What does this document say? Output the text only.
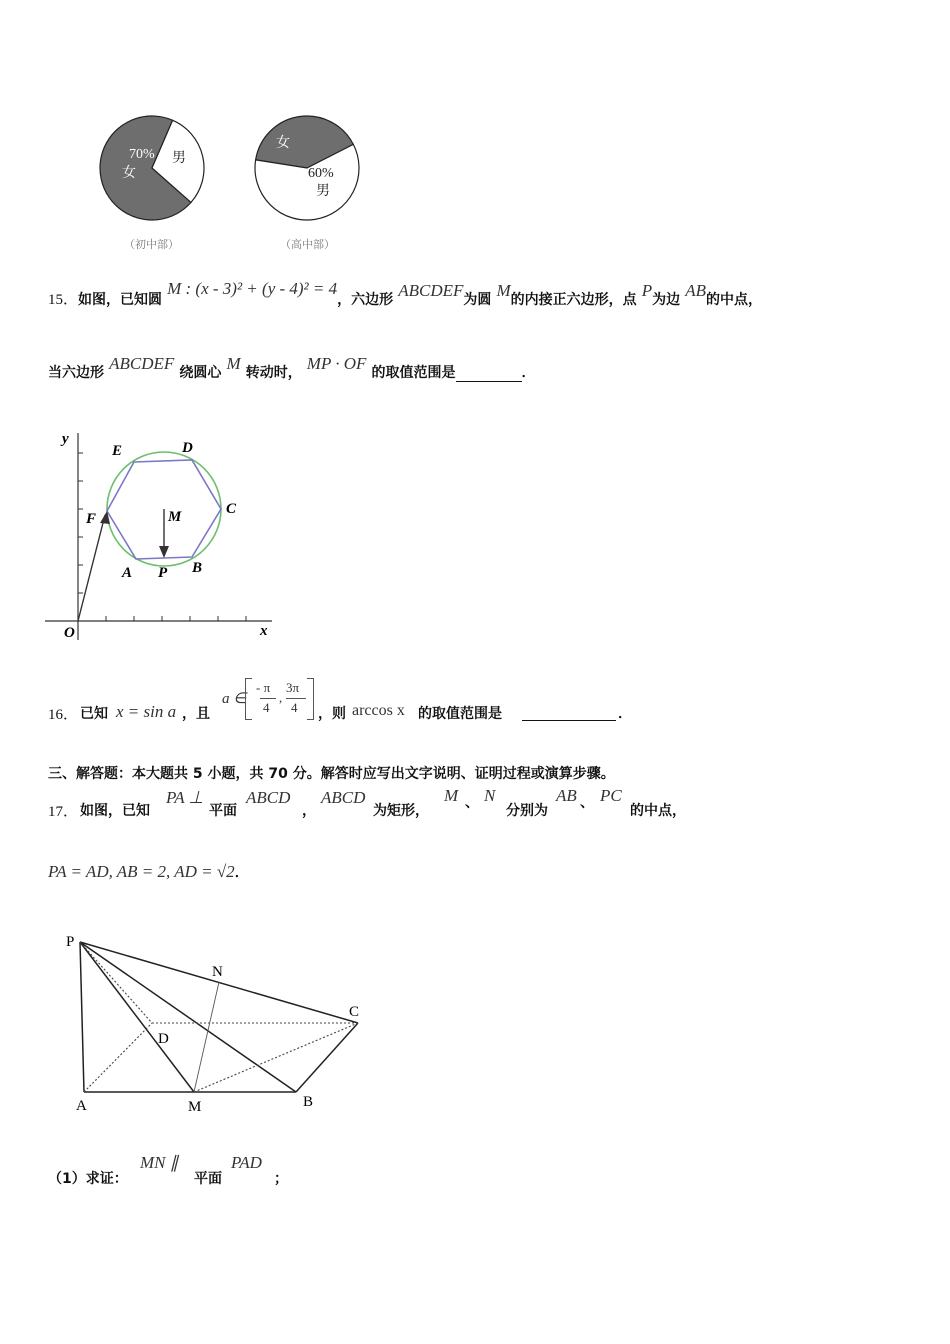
70%
女
男
（初中部）
女
60%
男
（高中部）
15．如图，已知圆 M : (x - 3)² + (y - 4)² = 4，六边形 ABCDEF为圆 M的内接正六边形，点 P为边 AB的中点，
当六边形 ABCDEF 绕圆心 M 转动时， MP · OF 的取值范围是	．
y
x
O
E	D
C
F	M
A P B
16． 已知 x = sin a ，且
a ∈
- π
4
,
3π
4 ，则 arccos x 的取值范围是	．
三、解答题：本大题共 5 小题，共 70 分。解答时应写出文字说明、证明过程或演算步骤。
17． 如图，已知
PA ⊥
平面
ABCD
，
ABCD
为矩形，
M 、 N
分别为
AB 、 PC
的中点，
PA = AD, AB = 2, AD = √2．
P
N
C
D
A	M	B
（1）求证：
MN ∥
平面
PAD
；
